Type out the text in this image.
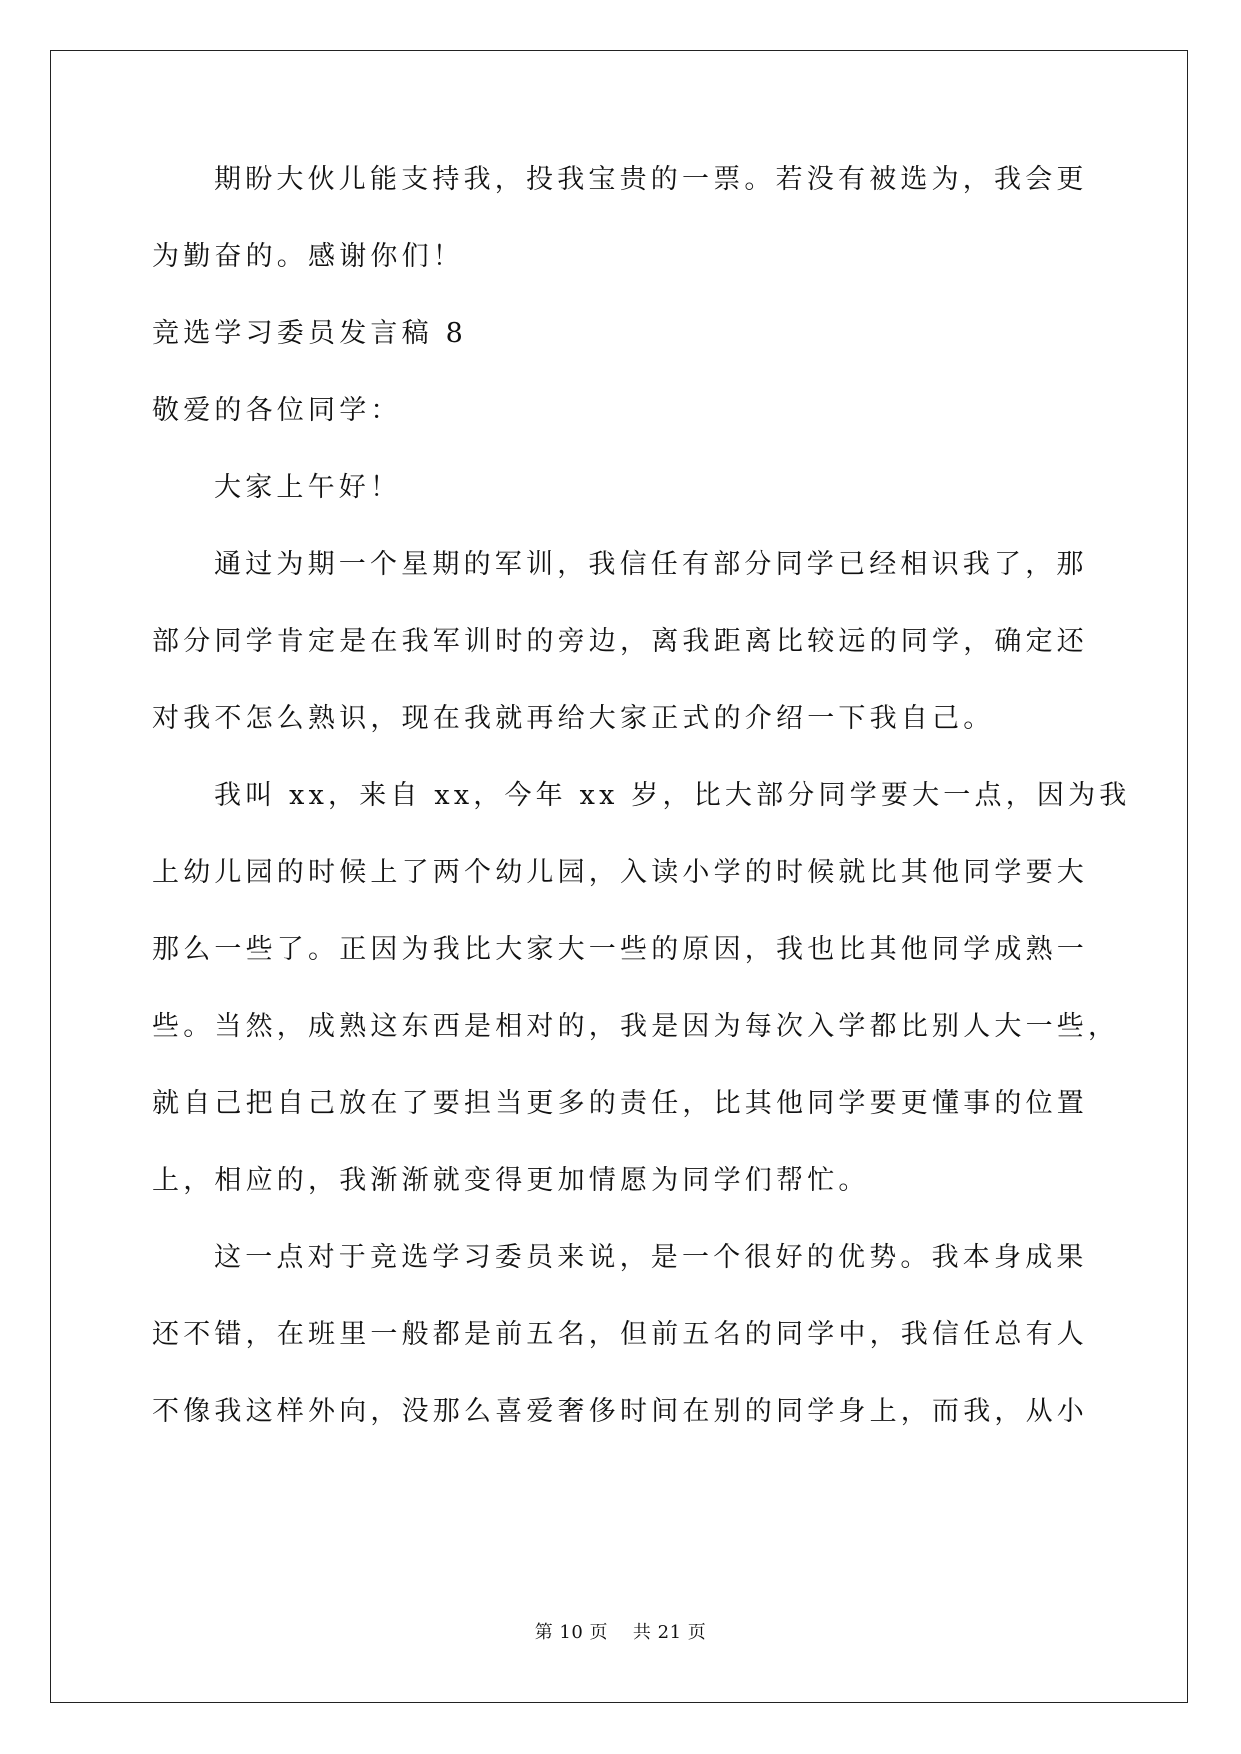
期盼大伙儿能支持我，投我宝贵的一票。若没有被选为，我会更
为勤奋的。感谢你们！
竞选学习委员发言稿 8
敬爱的各位同学：
大家上午好！
通过为期一个星期的军训，我信任有部分同学已经相识我了，那
部分同学肯定是在我军训时的旁边，离我距离比较远的同学，确定还
对我不怎么熟识，现在我就再给大家正式的介绍一下我自己。
我叫 xx，来自 xx，今年 xx 岁，比大部分同学要大一点，因为我
上幼儿园的时候上了两个幼儿园，入读小学的时候就比其他同学要大
那么一些了。正因为我比大家大一些的原因，我也比其他同学成熟一
些。当然，成熟这东西是相对的，我是因为每次入学都比别人大一些，
就自己把自己放在了要担当更多的责任，比其他同学要更懂事的位置
上，相应的，我渐渐就变得更加情愿为同学们帮忙。
这一点对于竞选学习委员来说，是一个很好的优势。我本身成果
还不错，在班里一般都是前五名，但前五名的同学中，我信任总有人
不像我这样外向，没那么喜爱奢侈时间在别的同学身上，而我，从小
第 10 页    共 21 页
